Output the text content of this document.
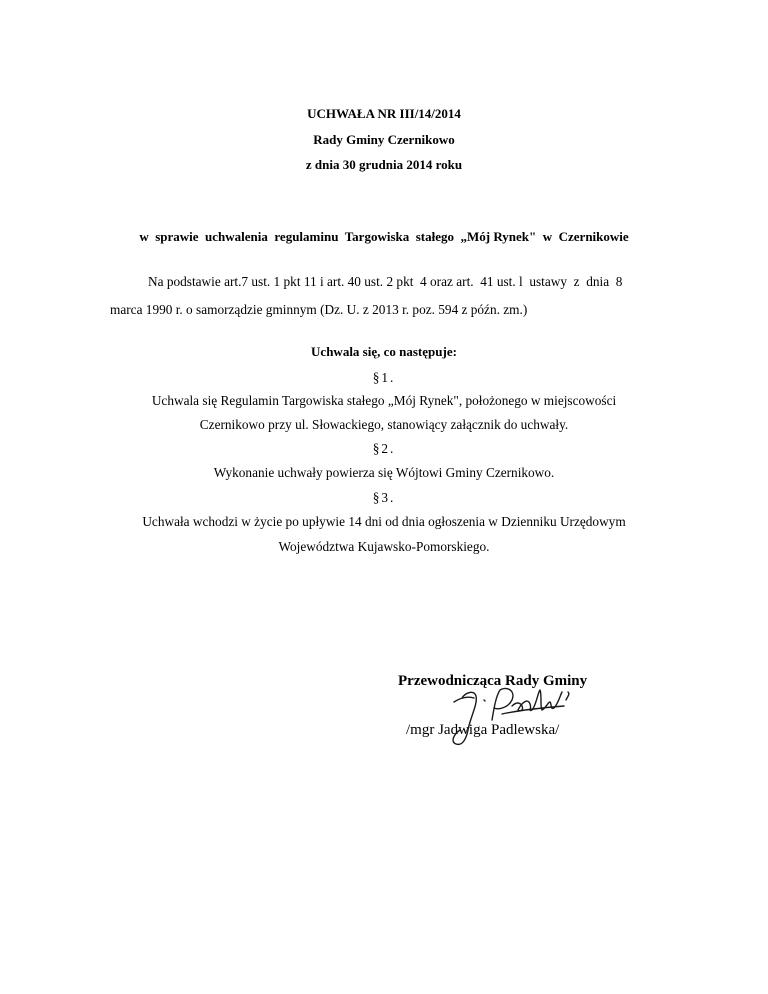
UCHWAŁA NR III/14/2014
Rady Gminy Czernikowo
z dnia 30 grudnia 2014 roku
w  sprawie  uchwalenia  regulaminu  Targowiska  stałego  „Mój Rynek"  w  Czernikowie
Na podstawie art.7 ust. 1 pkt 11 i art. 40 ust. 2 pkt  4 oraz art.  41 ust. l  ustawy  z  dnia  8
marca 1990 r. o samorządzie gminnym (Dz. U. z 2013 r. poz. 594 z późn. zm.)
Uchwala się, co następuje:
§1.
Uchwala się Regulamin Targowiska stałego „Mój Rynek", położonego w miejscowości
Czernikowo przy ul. Słowackiego, stanowiący załącznik do uchwały.
§2.
Wykonanie uchwały powierza się Wójtowi Gminy Czernikowo.
§3.
Uchwała wchodzi w życie po upływie 14 dni od dnia ogłoszenia w Dzienniku Urzędowym
Województwa Kujawsko-Pomorskiego.
Przewodnicząca Rady Gminy
/mgr Jadwiga Padlewska/
